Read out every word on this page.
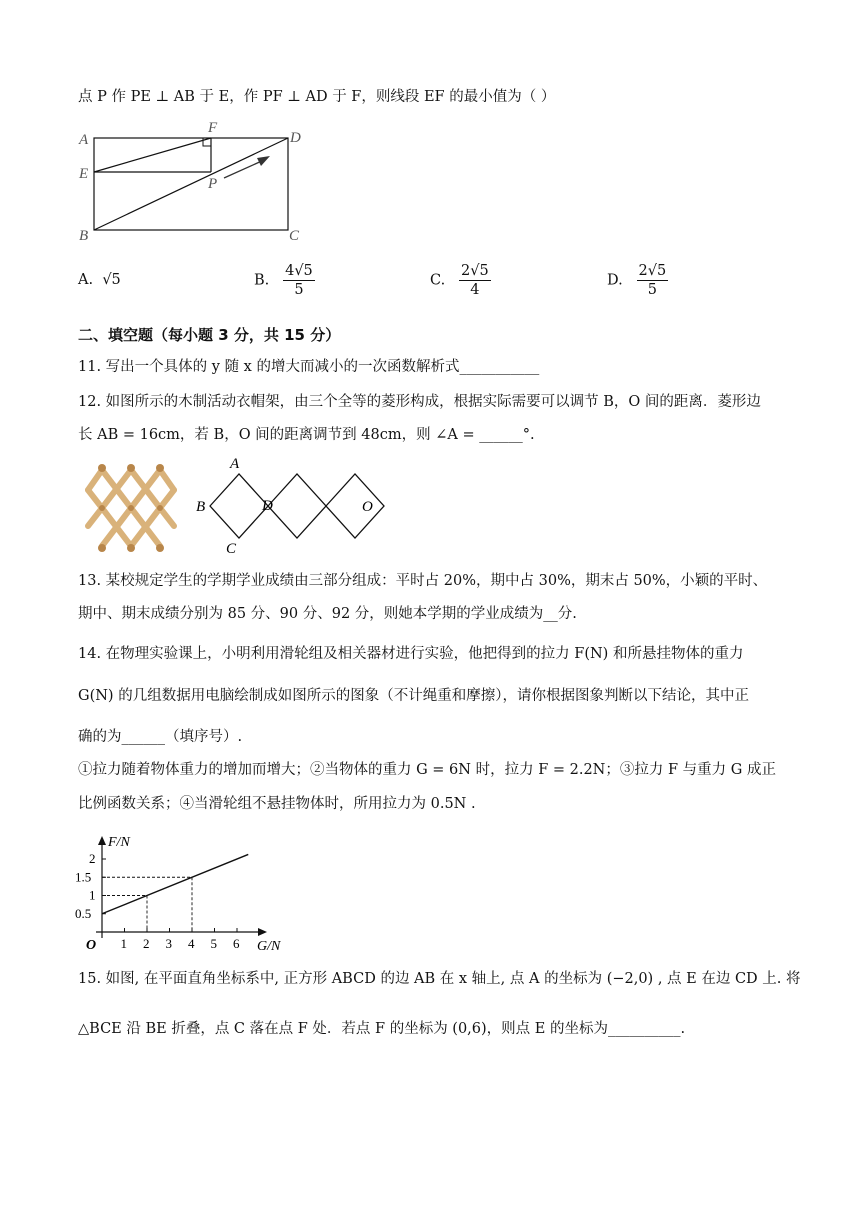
点 P 作 PE ⊥ AB 于 E，作 PF ⊥ AD 于 F，则线段 EF 的最小值为（ ）
A
E
B	C
D
F
P
A. √5	B. $\frac{4√5}{5}$	C. $\frac{2√5}{4}$	D. $\frac{2√5}{5}$
二、填空题（每小题 3 分，共 15 分）
11. 写出一个具体的 y 随 x 的增大而减小的一次函数解析式___________
12. 如图所示的木制活动衣帽架，由三个全等的菱形构成，根据实际需要可以调节 B，O 间的距离．菱形边
长 AB = 16cm，若 B，O 间的距离调节到 48cm，则 ∠A = ______°.
A
B	D
C
O
13. 某校规定学生的学期学业成绩由三部分组成：平时占 20%，期中占 30%，期末占 50%，小颖的平时、
期中、期末成绩分别为 85 分、90 分、92 分，则她本学期的学业成绩为__分.
14. 在物理实验课上，小明利用滑轮组及相关器材进行实验，他把得到的拉力 F(N) 和所悬挂物体的重力
G(N) 的几组数据用电脑绘制成如图所示的图象（不计绳重和摩擦），请你根据图象判断以下结论，其中正
确的为______（填序号）.
①拉力随着物体重力的增加而增大；②当物体的重力 G = 6N 时，拉力 F = 2.2N；③拉力 F 与重力 G 成正
比例函数关系；④当滑轮组不悬挂物体时，所用拉力为 0.5N .
1 2 3 4 5 6
0.5
1
1.5
2
F/N
G/N
O
15. 如图, 在平面直角坐标系中, 正方形 ABCD 的边 AB 在 x 轴上, 点 A 的坐标为 (−2,0) , 点 E 在边 CD 上. 将
△BCE 沿 BE 折叠，点 C 落在点 F 处．若点 F 的坐标为 (0,6)，则点 E 的坐标为__________.
